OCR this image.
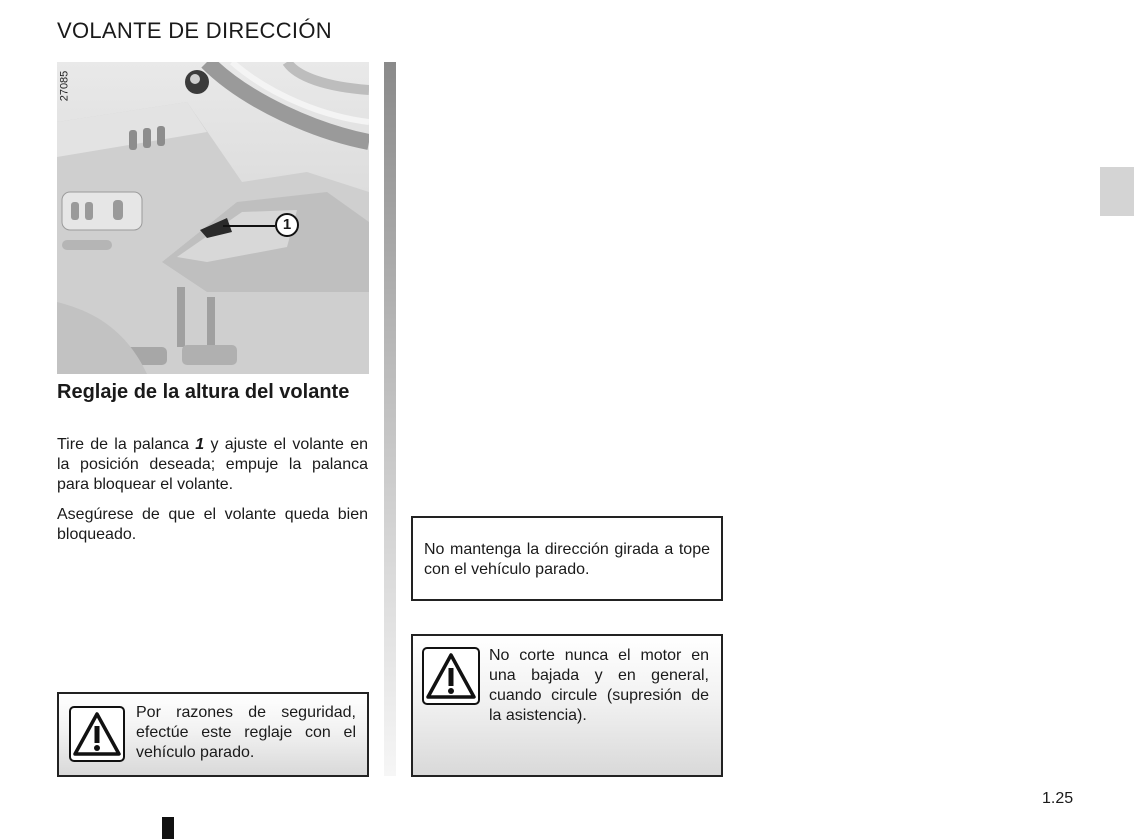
VOLANTE DE DIRECCIÓN
27085
1
Reglaje de la altura del volante

Tire de la palanca 1 y ajuste el volante en la posición deseada; empuje la palanca para bloquear el volante.

Asegúrese de que el volante queda bien bloqueado.

Por razones de seguridad, efectúe este reglaje con el vehículo parado.

No mantenga la dirección girada a tope con el vehículo parado.

No corte nunca el motor en una bajada y en general, cuando circule (supresión de la asistencia).

1.25
